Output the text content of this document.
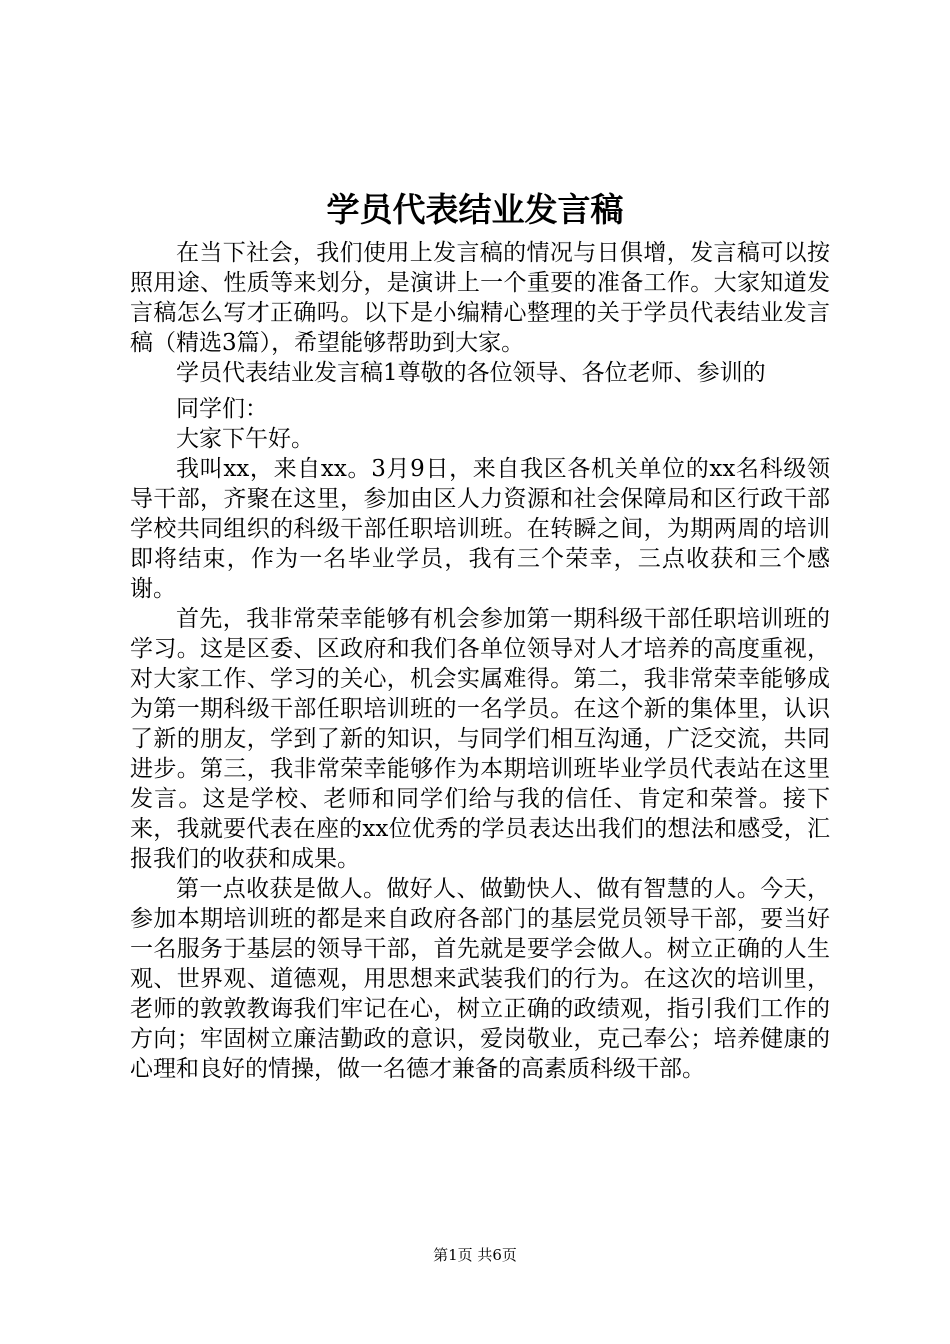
学员代表结业发言稿

在当下社会，我们使用上发言稿的情况与日俱增，发言稿可以按照用途、性质等来划分，是演讲上一个重要的准备工作。大家知道发言稿怎么写才正确吗。以下是小编精心整理的关于学员代表结业发言稿（精选3篇），希望能够帮助到大家。

学员代表结业发言稿1尊敬的各位领导、各位老师、参训的

同学们：

大家下午好。

我叫xx，来自xx。3月9日，来自我区各机关单位的xx名科级领导干部，齐聚在这里，参加由区人力资源和社会保障局和区行政干部学校共同组织的科级干部任职培训班。在转瞬之间，为期两周的培训即将结束，作为一名毕业学员，我有三个荣幸，三点收获和三个感谢。

首先，我非常荣幸能够有机会参加第一期科级干部任职培训班的学习。这是区委、区政府和我们各单位领导对人才培养的高度重视，对大家工作、学习的关心，机会实属难得。第二，我非常荣幸能够成为第一期科级干部任职培训班的一名学员。在这个新的集体里，认识了新的朋友，学到了新的知识，与同学们相互沟通，广泛交流，共同进步。第三，我非常荣幸能够作为本期培训班毕业学员代表站在这里发言。这是学校、老师和同学们给与我的信任、肯定和荣誉。接下来，我就要代表在座的xx位优秀的学员表达出我们的想法和感受，汇报我们的收获和成果。

第一点收获是做人。做好人、做勤快人、做有智慧的人。今天，参加本期培训班的都是来自政府各部门的基层党员领导干部，要当好一名服务于基层的领导干部，首先就是要学会做人。树立正确的人生观、世界观、道德观，用思想来武装我们的行为。在这次的培训里，老师的敦敦教诲我们牢记在心，树立正确的政绩观，指引我们工作的方向；牢固树立廉洁勤政的意识，爱岗敬业，克己奉公；培养健康的心理和良好的情操，做一名德才兼备的高素质科级干部。

第1页 共6页
